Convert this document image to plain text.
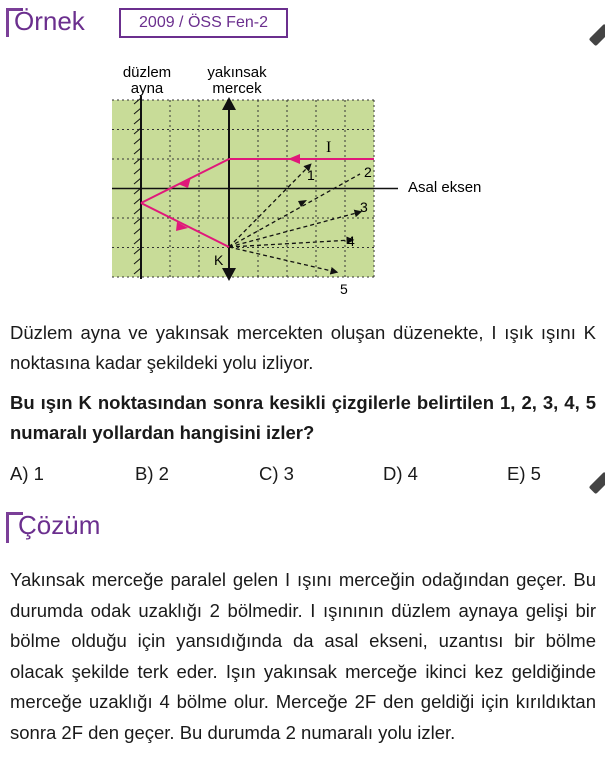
Örnek	2009 / ÖSS Fen-2
düzlem
ayna
yakınsak
mercek
Asal eksen
I
K
1	2
3
4
5
Düzlem ayna ve yakınsak mercekten oluşan düzenekte, I ışık ışını K noktasına kadar şekildeki yolu izliyor.
Bu ışın K noktasından sonra kesikli çizgilerle belirtilen 1, 2, 3, 4, 5 numaralı yollardan hangisini izler?
A) 1	B) 2	C) 3	D) 4	E) 5
Çözüm
Yakınsak merceğe paralel gelen I ışını merceğin odağından geçer. Bu durumda odak uzaklığı 2 bölmedir. I ışınının düzlem aynaya gelişi bir bölme olduğu için yansıdığında da asal ekseni, uzantısı bir bölme olacak şekilde terk eder. Işın yakınsak merceğe ikinci kez geldiğinde merceğe uzaklığı 4 bölme olur. Merceğe 2F den geldiği için kırıldıktan sonra 2F den geçer. Bu durumda 2 numaralı yolu izler.
